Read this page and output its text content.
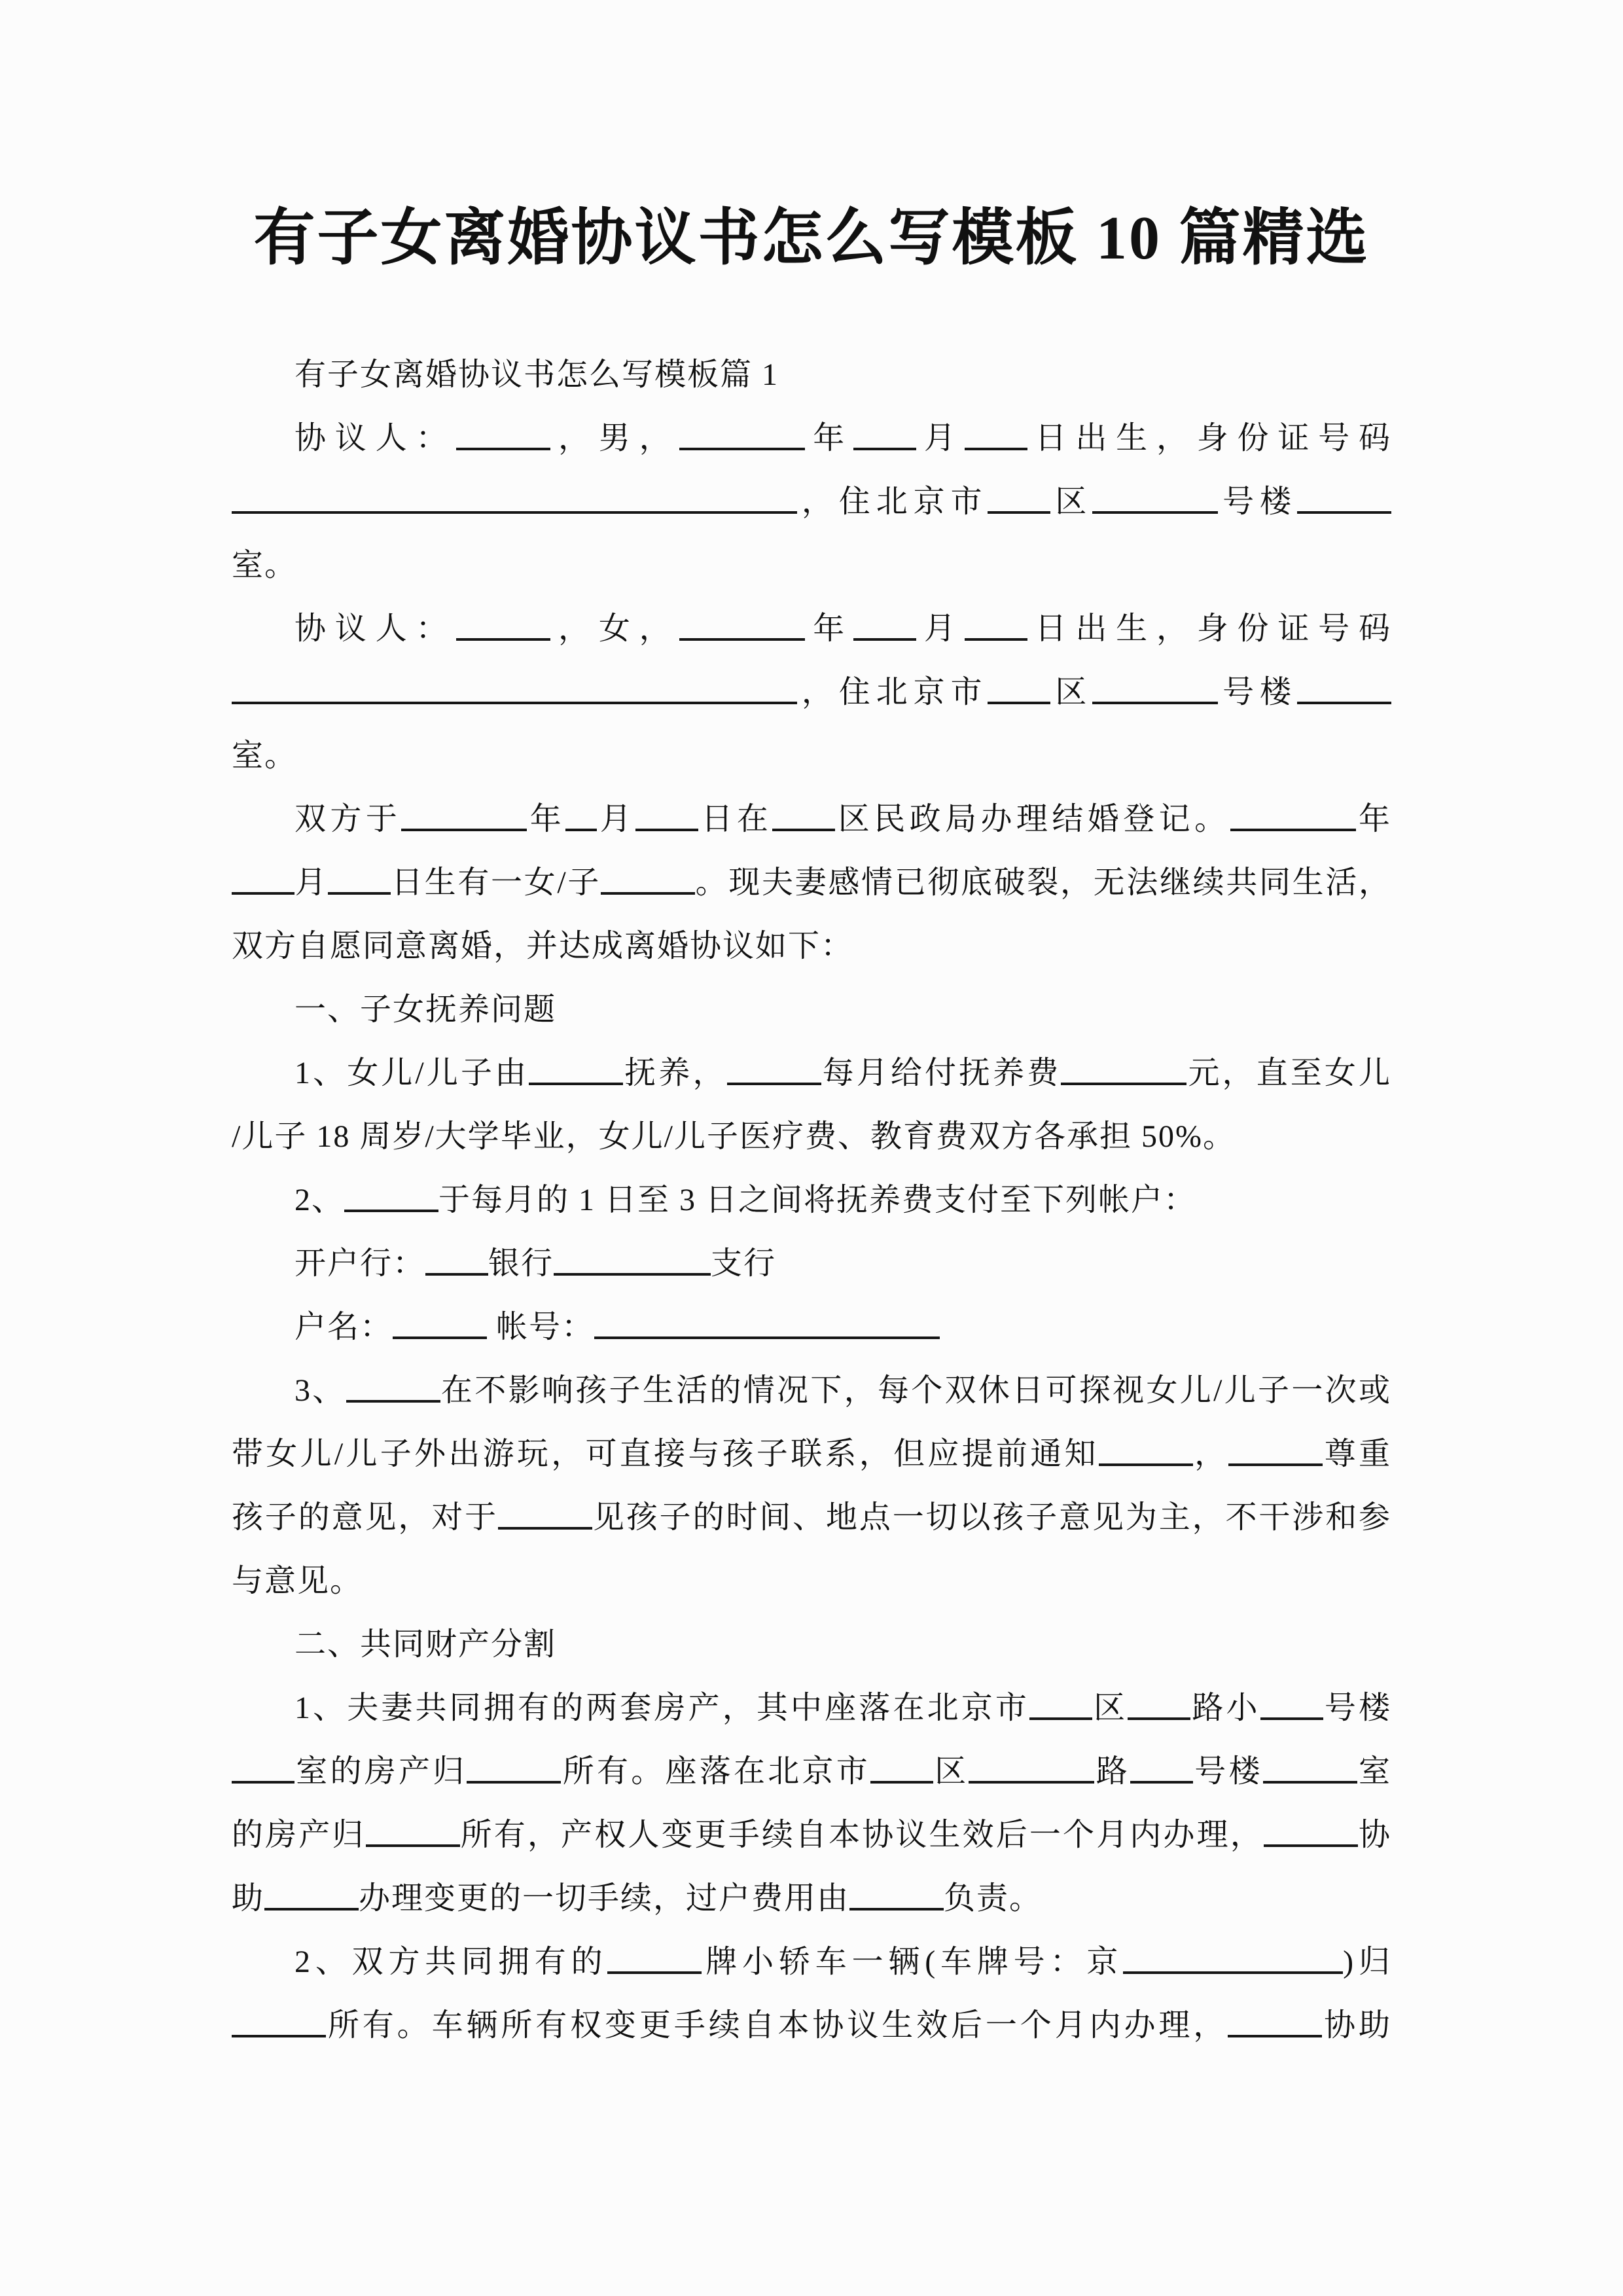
有子女离婚协议书怎么写模板 10 篇精选
有子女离婚协议书怎么写模板篇 1
协议人：	，男，	年 月 日出生，身份证号码
，住北京市 区	号楼
室。
协议人：	，女，	年 月 日出生，身份证号码
，住北京市 区	号楼
室。
双方于	年 月 日在 区民政局办理结婚登记。	年
月 日生有一女/子	。现夫妻感情已彻底破裂，无法继续共同生活，
双方自愿同意离婚，并达成离婚协议如下：
一、子女抚养问题
1、女儿/儿子由	抚养，	每月给付抚养费	元，直至女儿
/儿子 18 周岁/大学毕业，女儿/儿子医疗费、教育费双方各承担 50%。
2、	于每月的 1 日至 3 日之间将抚养费支付至下列帐户：
开户行： 银行	支行
户名：	帐号：
3、	在不影响孩子生活的情况下，每个双休日可探视女儿/儿子一次或
带女儿/儿子外出游玩，可直接与孩子联系，但应提前通知	，	尊重
孩子的意见，对于	见孩子的时间、地点一切以孩子意见为主，不干涉和参
与意见。
二、共同财产分割
1、夫妻共同拥有的两套房产，其中座落在北京市 区 路小 号楼
室的房产归	所有。座落在北京市 区	路 号楼	室
的房产归	所有，产权人变更手续自本协议生效后一个月内办理，	协
助	办理变更的一切手续，过户费用由	负责。
2、双方共同拥有的	牌小轿车一辆(车牌号：京	)归
所有。车辆所有权变更手续自本协议生效后一个月内办理，	协助
